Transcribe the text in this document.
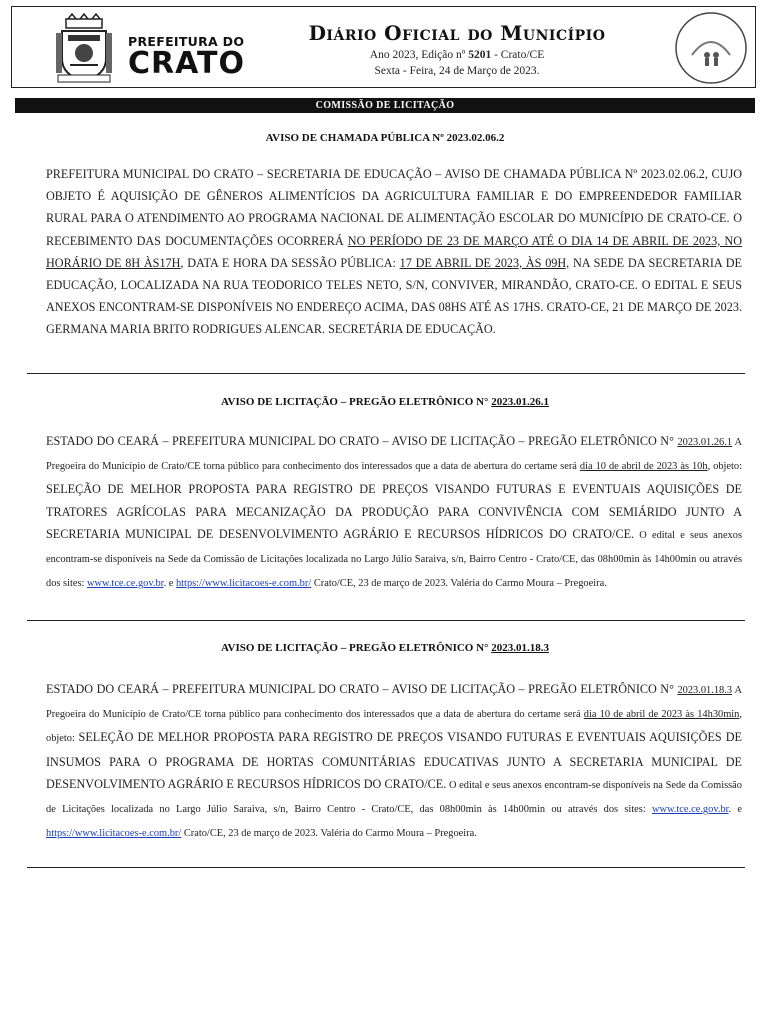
PREFEITURA DO
CRATO
Diário Oficial do Município
Ano 2023, Edição nº 5201 - Crato/CE
Sexta - Feira, 24 de Março de 2023.
COMISSÃO DE LICITAÇÃO
AVISO DE CHAMADA PÚBLICA Nº 2023.02.06.2
PREFEITURA MUNICIPAL DO CRATO – SECRETARIA DE EDUCAÇÃO – AVISO DE CHAMADA PÚBLICA Nº 2023.02.06.2, CUJO OBJETO É AQUISIÇÃO DE GÊNEROS ALIMENTÍCIOS DA AGRICULTURA FAMILIAR E DO EMPREENDEDOR FAMILIAR RURAL PARA O ATENDIMENTO AO PROGRAMA NACIONAL DE ALIMENTAÇÃO ESCOLAR DO MUNICÍPIO DE CRATO-CE. O RECEBIMENTO DAS DOCUMENTAÇÕES OCORRERÁ NO PERÍODO DE 23 DE MARÇO ATÉ O DIA 14 DE ABRIL DE 2023, NO HORÁRIO DE 8H ÀS17H, DATA E HORA DA SESSÃO PÚBLICA: 17 DE ABRIL DE 2023, ÀS 09H, NA SEDE DA SECRETARIA DE EDUCAÇÃO, LOCALIZADA NA RUA TEODORICO TELES NETO, S/N, CONVIVER, MIRANDÃO, CRATO-CE. O EDITAL E SEUS ANEXOS ENCONTRAM-SE DISPONÍVEIS NO ENDEREÇO ACIMA, DAS 08HS ATÉ AS 17HS. CRATO-CE, 21 DE MARÇO DE 2023. GERMANA MARIA BRITO RODRIGUES ALENCAR. SECRETÁRIA DE EDUCAÇÃO.
AVISO DE LICITAÇÃO – PREGÃO ELETRÔNICO N° 2023.01.26.1
ESTADO DO CEARÁ – PREFEITURA MUNICIPAL DO CRATO – AVISO DE LICITAÇÃO – PREGÃO ELETRÔNICO N° 2023.01.26.1 A Pregoeira do Município de Crato/CE torna público para conhecimento dos interessados que a data de abertura do certame será dia 10 de abril de 2023 às 10h, objeto: SELEÇÃO DE MELHOR PROPOSTA PARA REGISTRO DE PREÇOS VISANDO FUTURAS E EVENTUAIS AQUISIÇÕES DE TRATORES AGRÍCOLAS PARA MECANIZAÇÃO DA PRODUÇÃO PARA CONVIVÊNCIA COM SEMIÁRIDO JUNTO A SECRETARIA MUNICIPAL DE DESENVOLVIMENTO AGRÁRIO E RECURSOS HÍDRICOS DO CRATO/CE. O edital e seus anexos encontram-se disponíveis na Sede da Comissão de Licitações localizada no Largo Júlio Saraiva, s/n, Bairro Centro - Crato/CE, das 08h00min às 14h00min ou através dos sites: www.tce.ce.gov.br. e https://www.licitacoes-e.com.br/ Crato/CE, 23 de março de 2023. Valéria do Carmo Moura – Pregoeira.
AVISO DE LICITAÇÃO – PREGÃO ELETRÔNICO N° 2023.01.18.3
ESTADO DO CEARÁ – PREFEITURA MUNICIPAL DO CRATO – AVISO DE LICITAÇÃO – PREGÃO ELETRÔNICO N° 2023.01.18.3 A Pregoeira do Município de Crato/CE torna público para conhecimento dos interessados que a data de abertura do certame será dia 10 de abril de 2023 às 14h30min, objeto: SELEÇÃO DE MELHOR PROPOSTA PARA REGISTRO DE PREÇOS VISANDO FUTURAS E EVENTUAIS AQUISIÇÕES DE INSUMOS PARA O PROGRAMA DE HORTAS COMUNITÁRIAS EDUCATIVAS JUNTO A SECRETARIA MUNICIPAL DE DESENVOLVIMENTO AGRÁRIO E RECURSOS HÍDRICOS DO CRATO/CE. O edital e seus anexos encontram-se disponíveis na Sede da Comissão de Licitações localizada no Largo Júlio Saraiva, s/n, Bairro Centro - Crato/CE, das 08h00min às 14h00min ou através dos sites: www.tce.ce.gov.br. e https://www.licitacoes-e.com.br/ Crato/CE, 23 de março de 2023. Valéria do Carmo Moura – Pregoeira.
